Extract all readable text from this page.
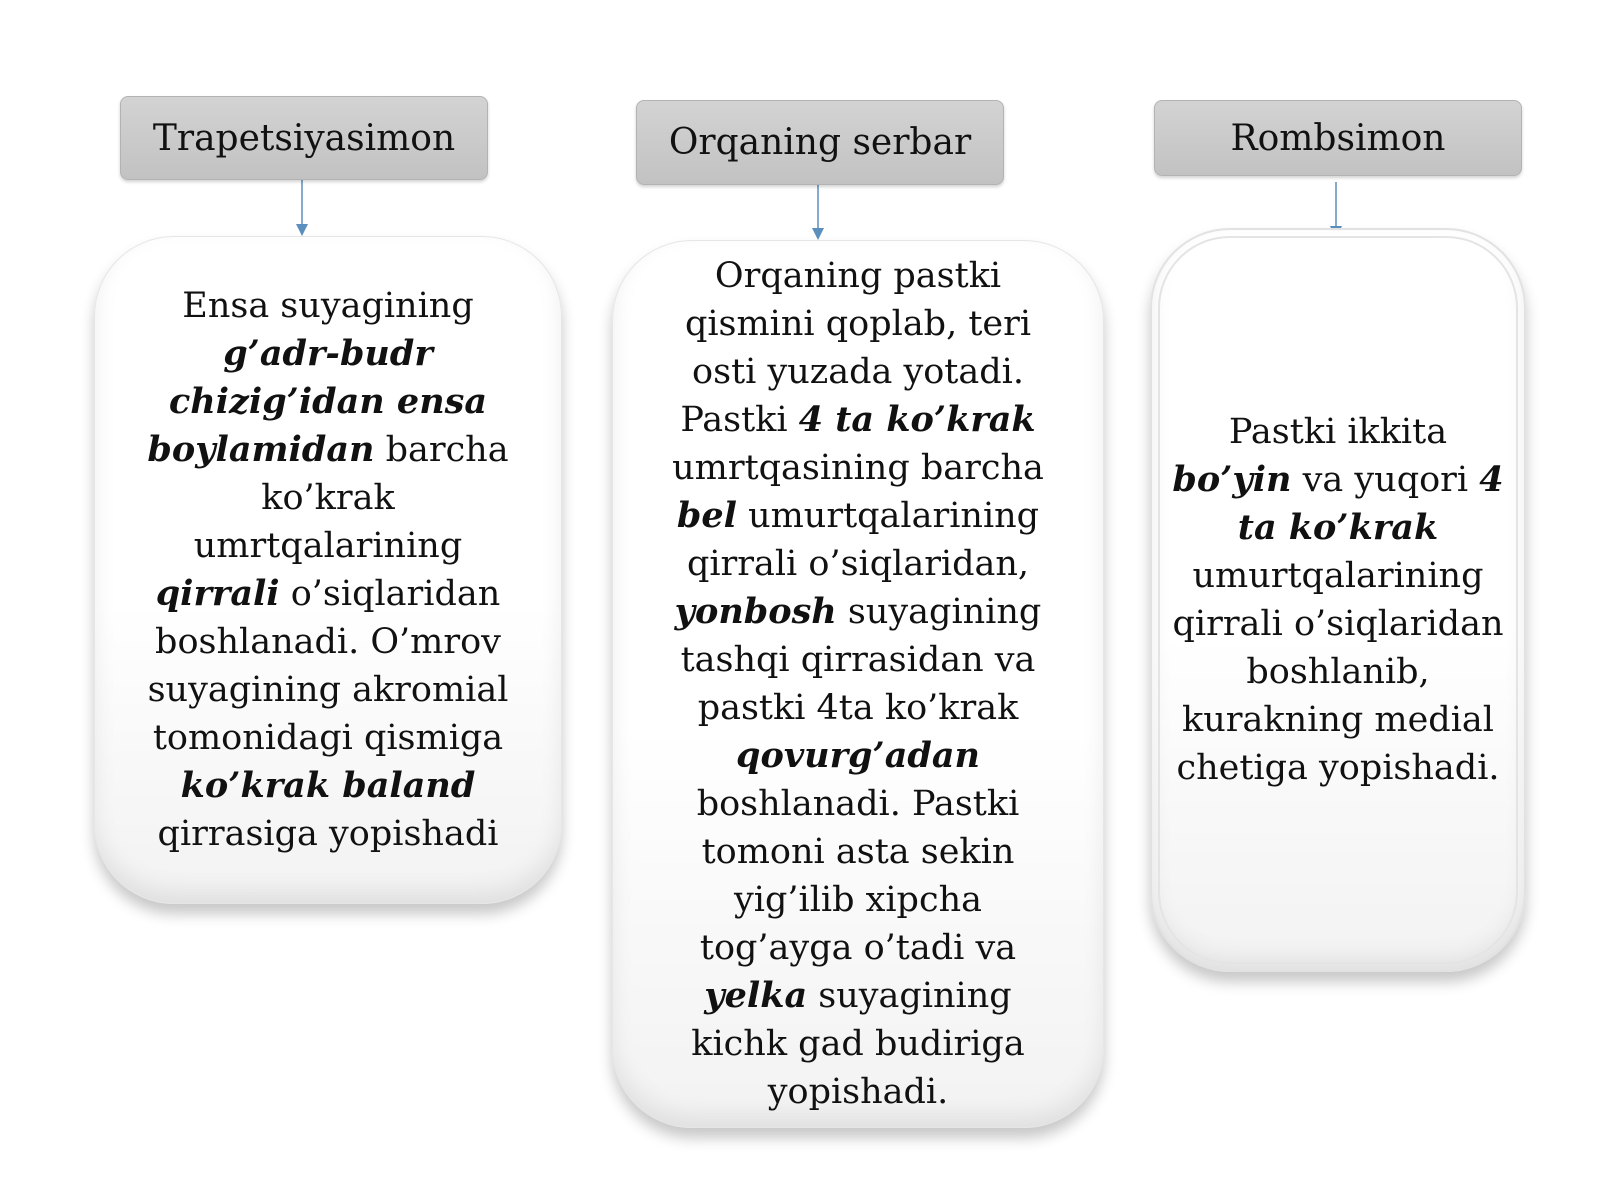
Trapetsiyasimon	Orqaning serbar	Rombsimon
Ensa suyagining g’adr-budr chizig’idan ensa boylamidan barcha ko’krak umrtqalarining qirrali o’siqlaridan boshlanadi. O’mrov suyagining akromial tomonidagi qismiga ko’krak baland qirrasiga yopishadi
Orqaning pastki qismini qoplab, teri osti yuzada yotadi. Pastki 4 ta ko’krak umrtqasining barcha bel umurtqalarining qirrali o’siqlaridan, yonbosh suyagining tashqi qirrasidan va pastki 4ta ko’krak qovurg’adan boshlanadi. Pastki tomoni asta sekin yig’ilib xipcha tog’ayga o’tadi va yelka suyagining kichk gad budiriga yopishadi.
Pastki ikkita bo’yin va yuqori 4 ta ko’krak umurtqalarining qirrali o’siqlaridan boshlanib, kurakning medial chetiga yopishadi.
